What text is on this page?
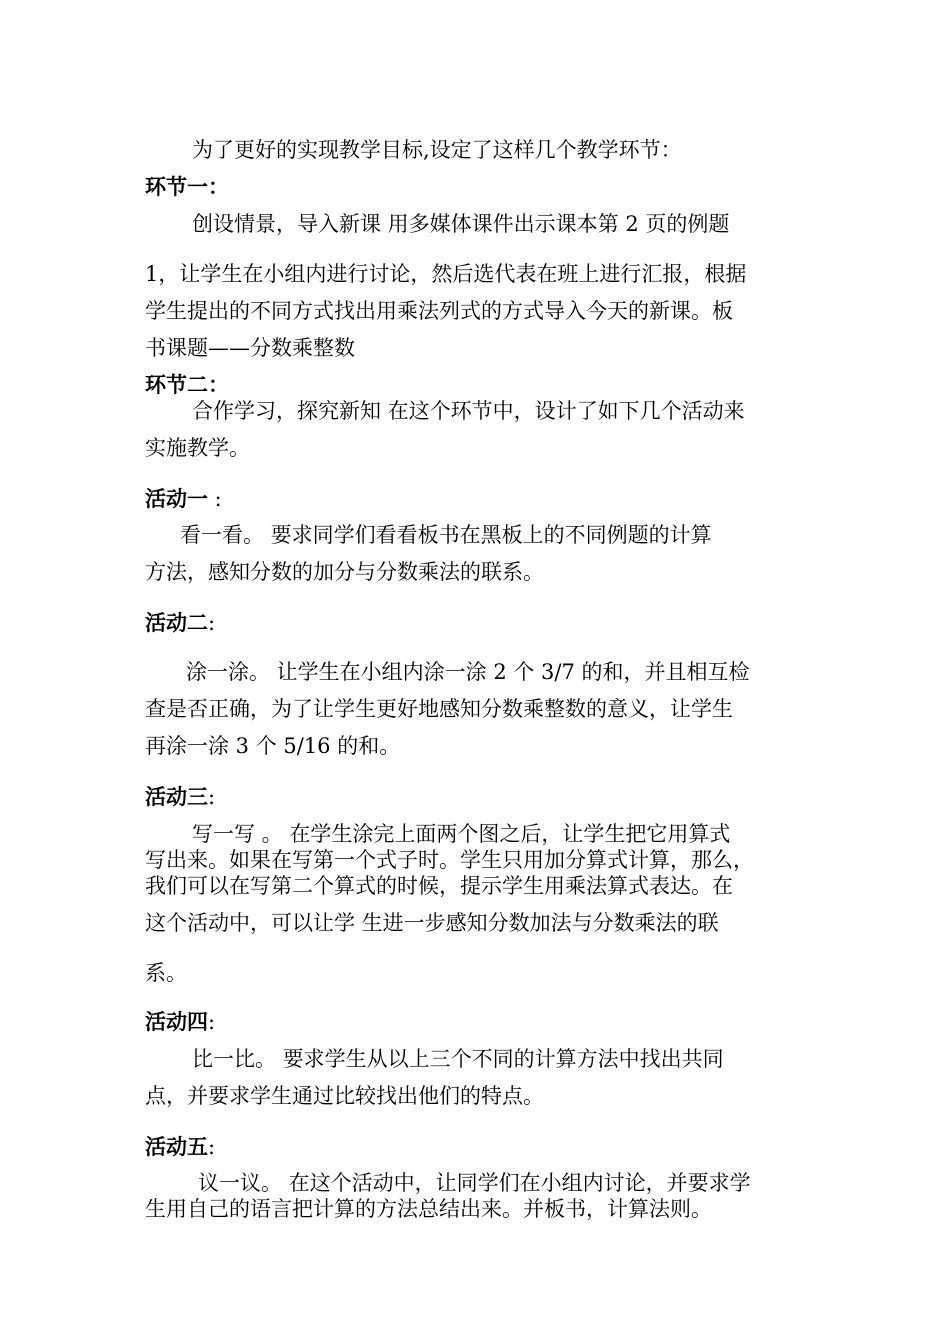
为了更好的实现教学目标,设定了这样几个教学环节：
环节一：
创设情景，导入新课 用多媒体课件出示课本第 2 页的例题
1，让学生在小组内进行讨论，然后选代表在班上进行汇报，根据
学生提出的不同方式找出用乘法列式的方式导入今天的新课。板
书课题——分数乘整数
环节二：
合作学习，探究新知 在这个环节中，设计了如下几个活动来
实施教学。
活动一 :
看一看。 要求同学们看看板书在黑板上的不同例题的计算
方法，感知分数的加分与分数乘法的联系。
活动二:
涂一涂。 让学生在小组内涂一涂 2 个 3/7 的和，并且相互检
查是否正确，为了让学生更好地感知分数乘整数的意义，让学生
再涂一涂 3 个 5/16 的和。
活动三:
写一写 。 在学生涂完上面两个图之后，让学生把它用算式
写出来。如果在写第一个式子时。学生只用加分算式计算，那么，
我们可以在写第二个算式的时候，提示学生用乘法算式表达。在
这个活动中，可以让学 生进一步感知分数加法与分数乘法的联
系。
活动四:
比一比。 要求学生从以上三个不同的计算方法中找出共同
点，并要求学生通过比较找出他们的特点。
活动五:
议一议。 在这个活动中，让同学们在小组内讨论，并要求学
生用自己的语言把计算的方法总结出来。并板书，计算法则。
